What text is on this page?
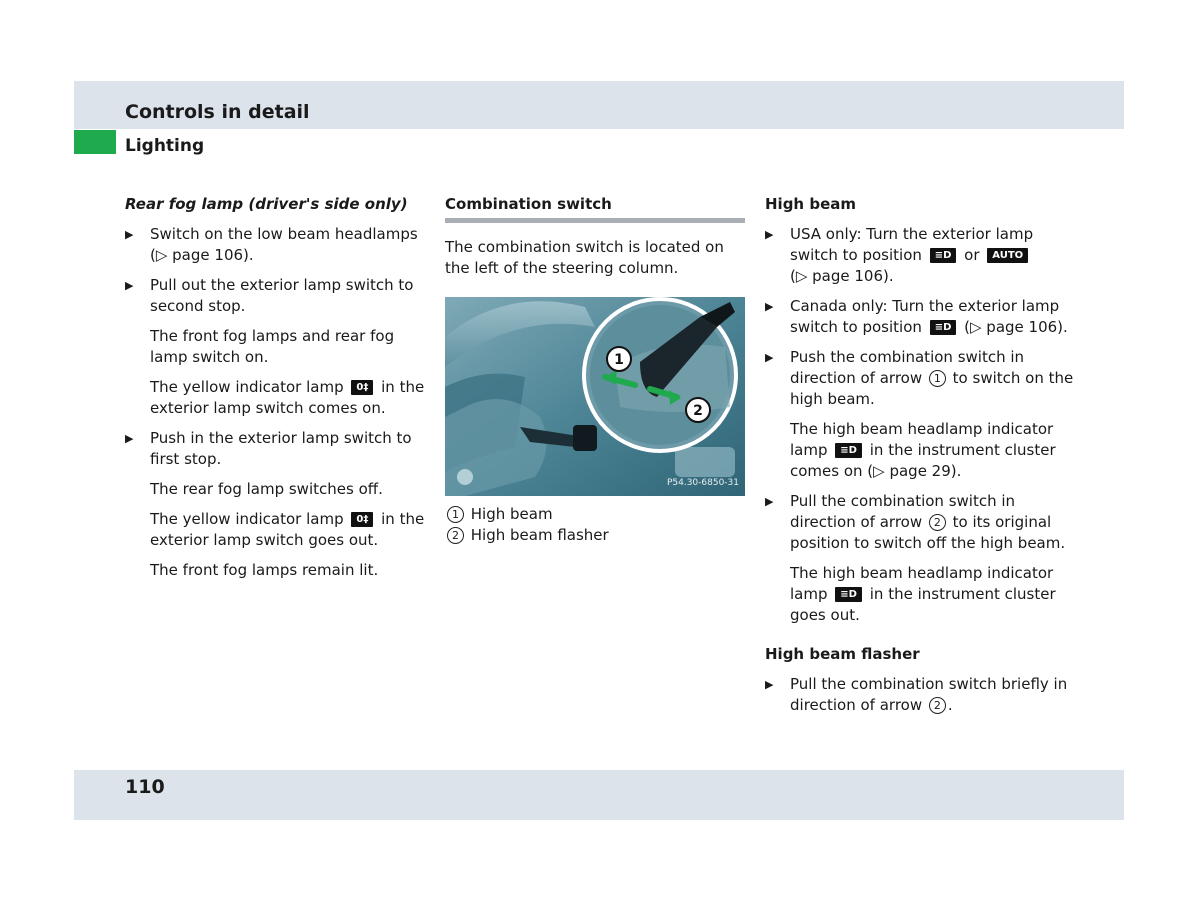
Controls in detail
Lighting
Rear fog lamp (driver's side only)
▶ Switch on the low beam headlamps (▷ page 106).
▶ Pull out the exterior lamp switch to second stop.
The front fog lamps and rear fog lamp switch on.
The yellow indicator lamp 0‡ in the exterior lamp switch comes on.
▶ Push in the exterior lamp switch to first stop.
The rear fog lamp switches off.
The yellow indicator lamp 0‡ in the exterior lamp switch goes out.
The front fog lamps remain lit.
Combination switch
The combination switch is located on the left of the steering column.
1
2
P54.30-6850-31
1 High beam
2 High beam flasher
High beam
▶ USA only: Turn the exterior lamp switch to position ≡D or AUTO
(▷ page 106).
▶ Canada only: Turn the exterior lamp switch to position ≡D (▷ page 106).
▶ Push the combination switch in direction of arrow 1 to switch on the high beam.
The high beam headlamp indicator lamp ≡D in the instrument cluster comes on (▷ page 29).
▶ Pull the combination switch in direction of arrow 2 to its original position to switch off the high beam.
The high beam headlamp indicator lamp ≡D in the instrument cluster goes out.
High beam flasher
▶ Pull the combination switch briefly in direction of arrow 2 .
110
